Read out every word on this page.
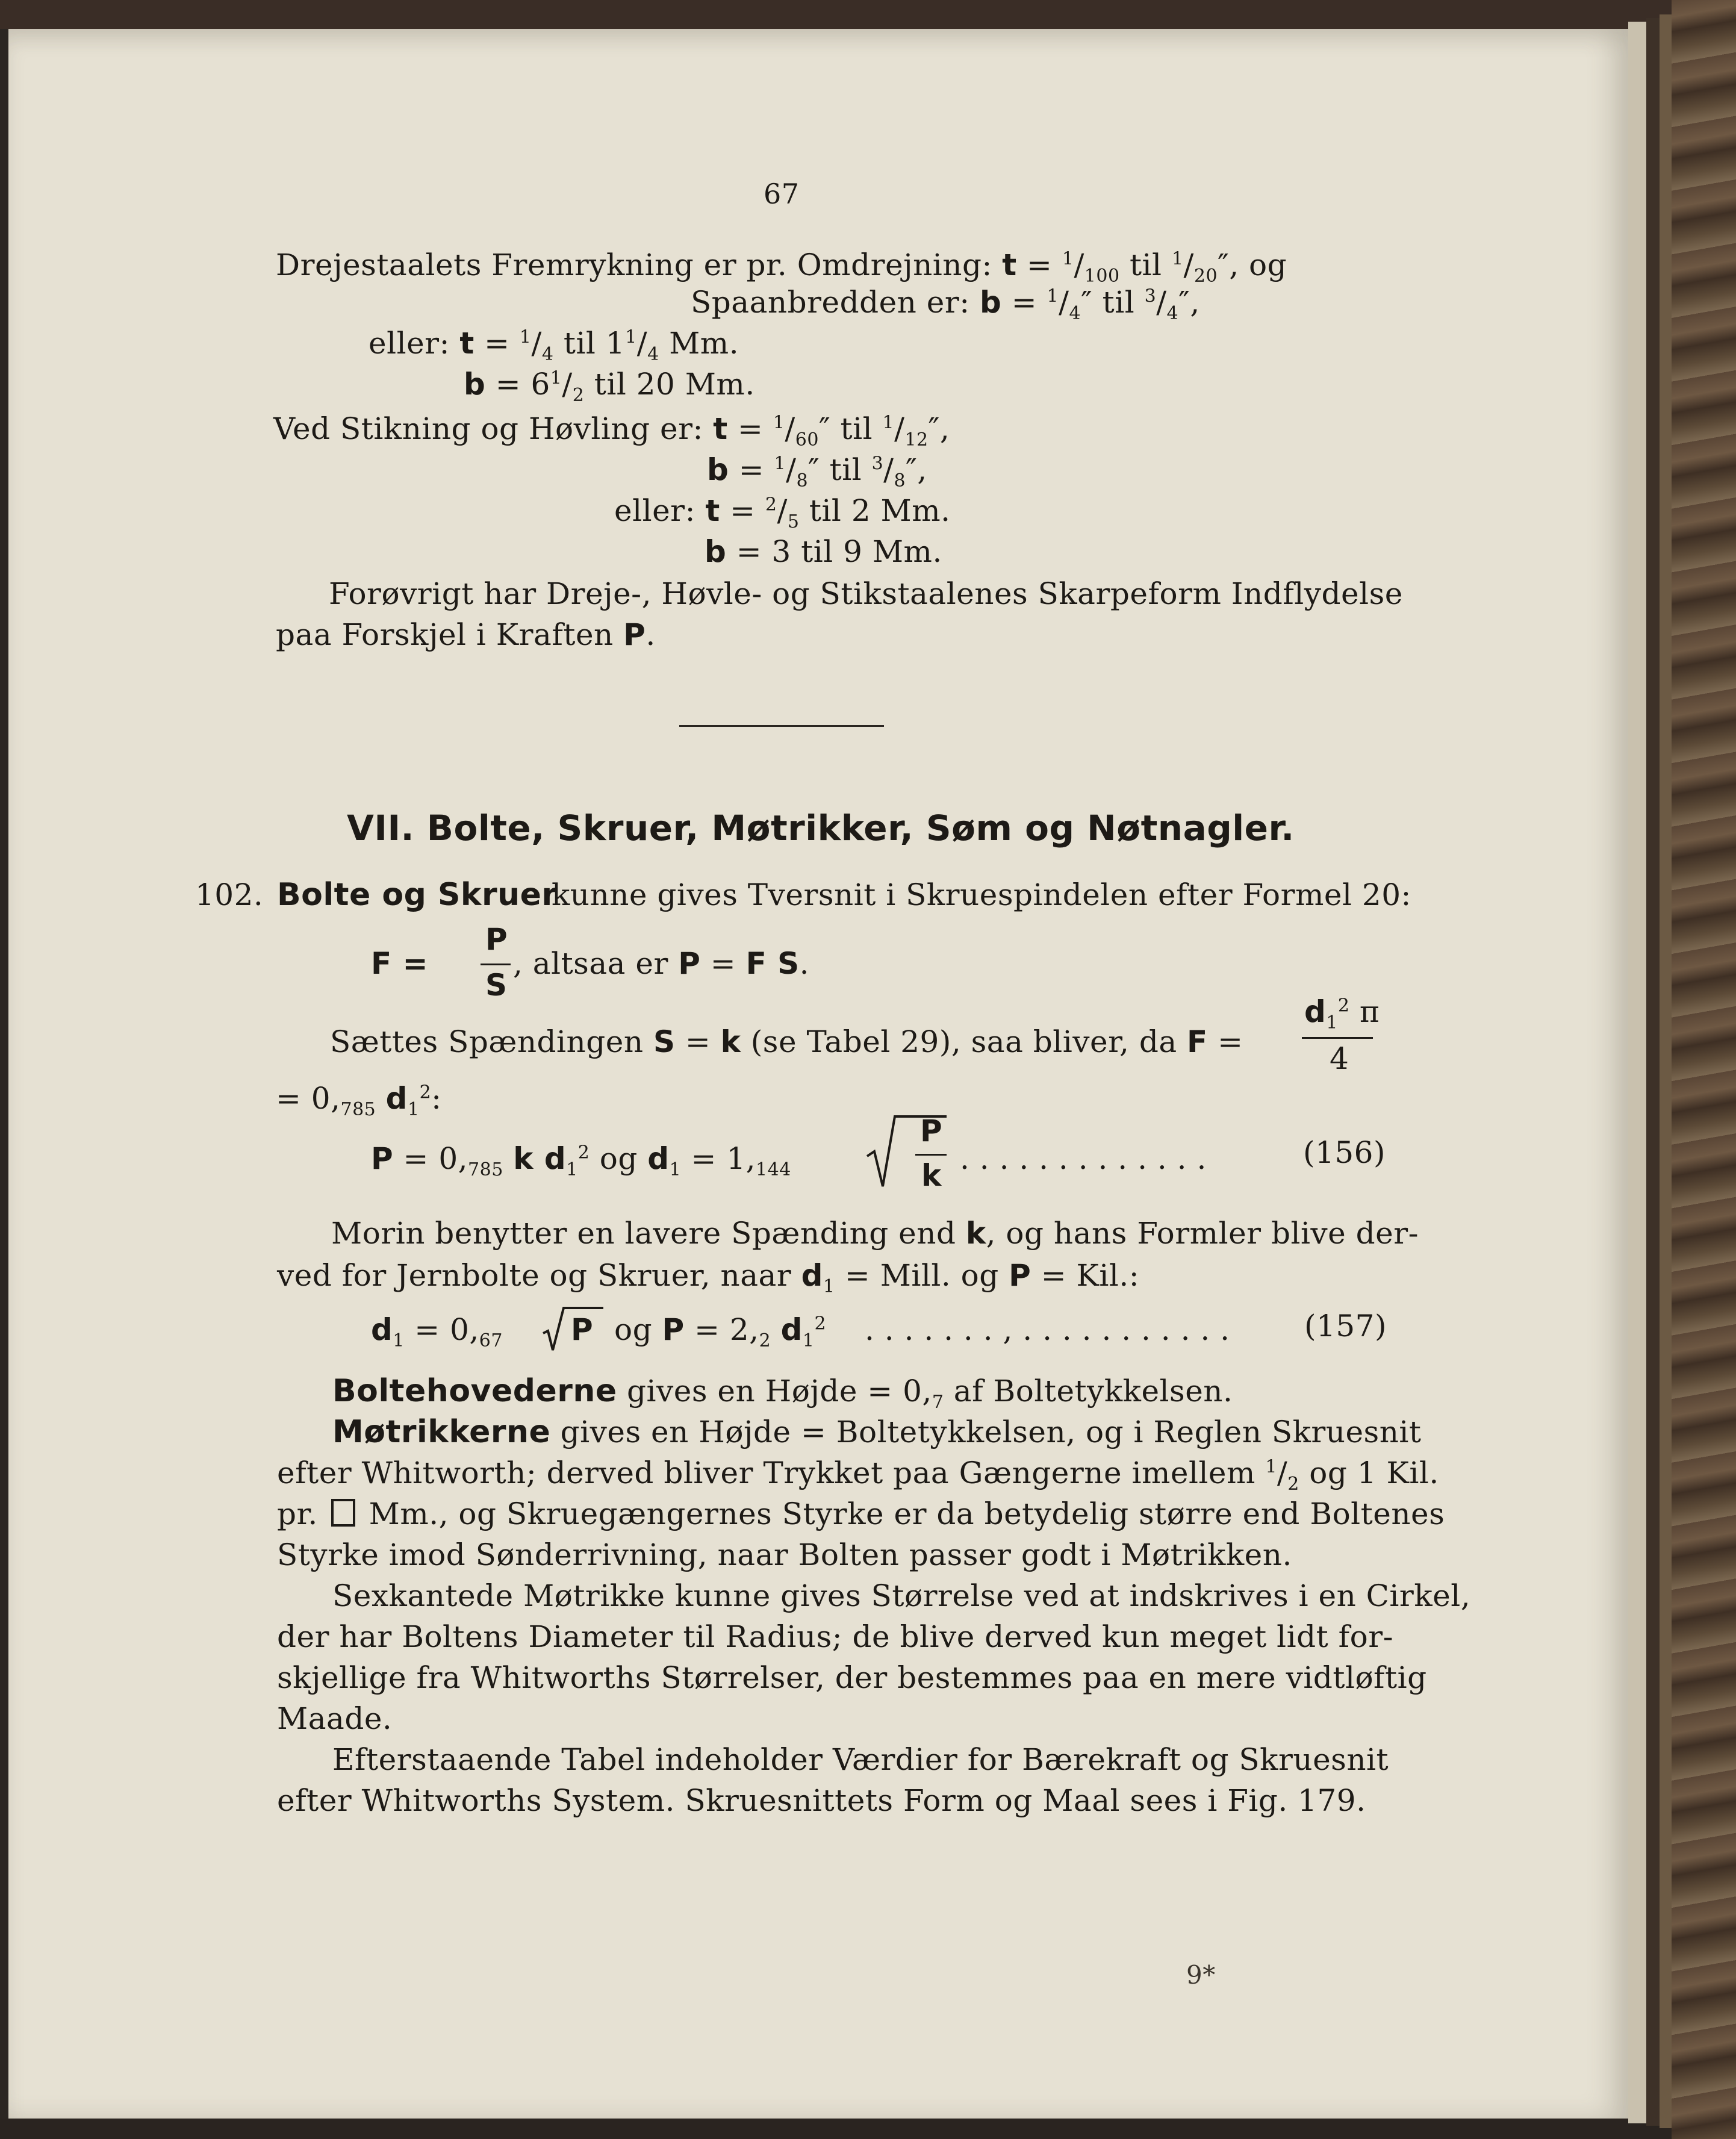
67
Drejestaalets Fremrykning er pr. Omdrejning: $t = ^1/_{100}$ til $^1/_{20}''$, og
Spaanbredden er: $b = ^1/_4''$ til $^3/_4''$,
eller: $t = ^1/_4$ til $1^1/_4$ Mm.
$b = 6^1/_2$ til 20 Mm.
Ved Stikning og Høvling er: $t = ^1/_{60}''$ til $^1/_{12}''$,
$b = ^1/_8''$ til $^3/_8''$,
eller: $t = ^2/_5$ til 2 Mm.
b = 3 til 9 Mm.
Forøvrigt har Dreje-, Høvle- og Stikstaalenes Skarpeform Indflydelse
paa Forskjel i Kraften P.
VII. Bolte, Skruer, Møtrikker, Søm og Nøtnagler.
102. Bolte og Skruer
kunne gives Tversnit i Skruespindelen efter Formel 20:
F =
P
S
, altsaa er P = F S.
Sættes Spændingen S = k (se Tabel 29), saa bliver, da F =
$d_1^2$ π
4
= $0,_{785}$ $d_1^2$:
$P = 0,_{785}$ k $d_1^2$ og $d_1 = 1,_{144}$
P
k . . . . . . . . . . . . .	(156)
Morin benytter en lavere Spænding end k, og hans Formler blive der-
ved for Jernbolte og Skruer, naar $d_1$ = Mill. og P = Kil.:
$d_1 = 0,_{67}$ P og $P = 2,_2$ $d_1^2$ . . . . . . . , . . . . . . . . . . . (157)
Boltehovederne gives en Højde = $0,_7$ af Boltetykkelsen.
Møtrikkerne gives en Højde = Boltetykkelsen, og i Reglen Skruesnit
efter Whitworth; derved bliver Trykket paa Gængerne imellem $^1/_2$ og 1 Kil.
pr. Mm., og Skruegængernes Styrke er da betydelig større end Boltenes
Styrke imod Sønderrivning, naar Bolten passer godt i Møtrikken.
Sexkantede Møtrikke kunne gives Størrelse ved at indskrives i en Cirkel,
der har Boltens Diameter til Radius; de blive derved kun meget lidt for-
skjellige fra Whitworths Størrelser, der bestemmes paa en mere vidtløftig
Maade.
Efterstaaende Tabel indeholder Værdier for Bærekraft og Skruesnit
efter Whitworths System. Skruesnittets Form og Maal sees i Fig. 179.
9*
